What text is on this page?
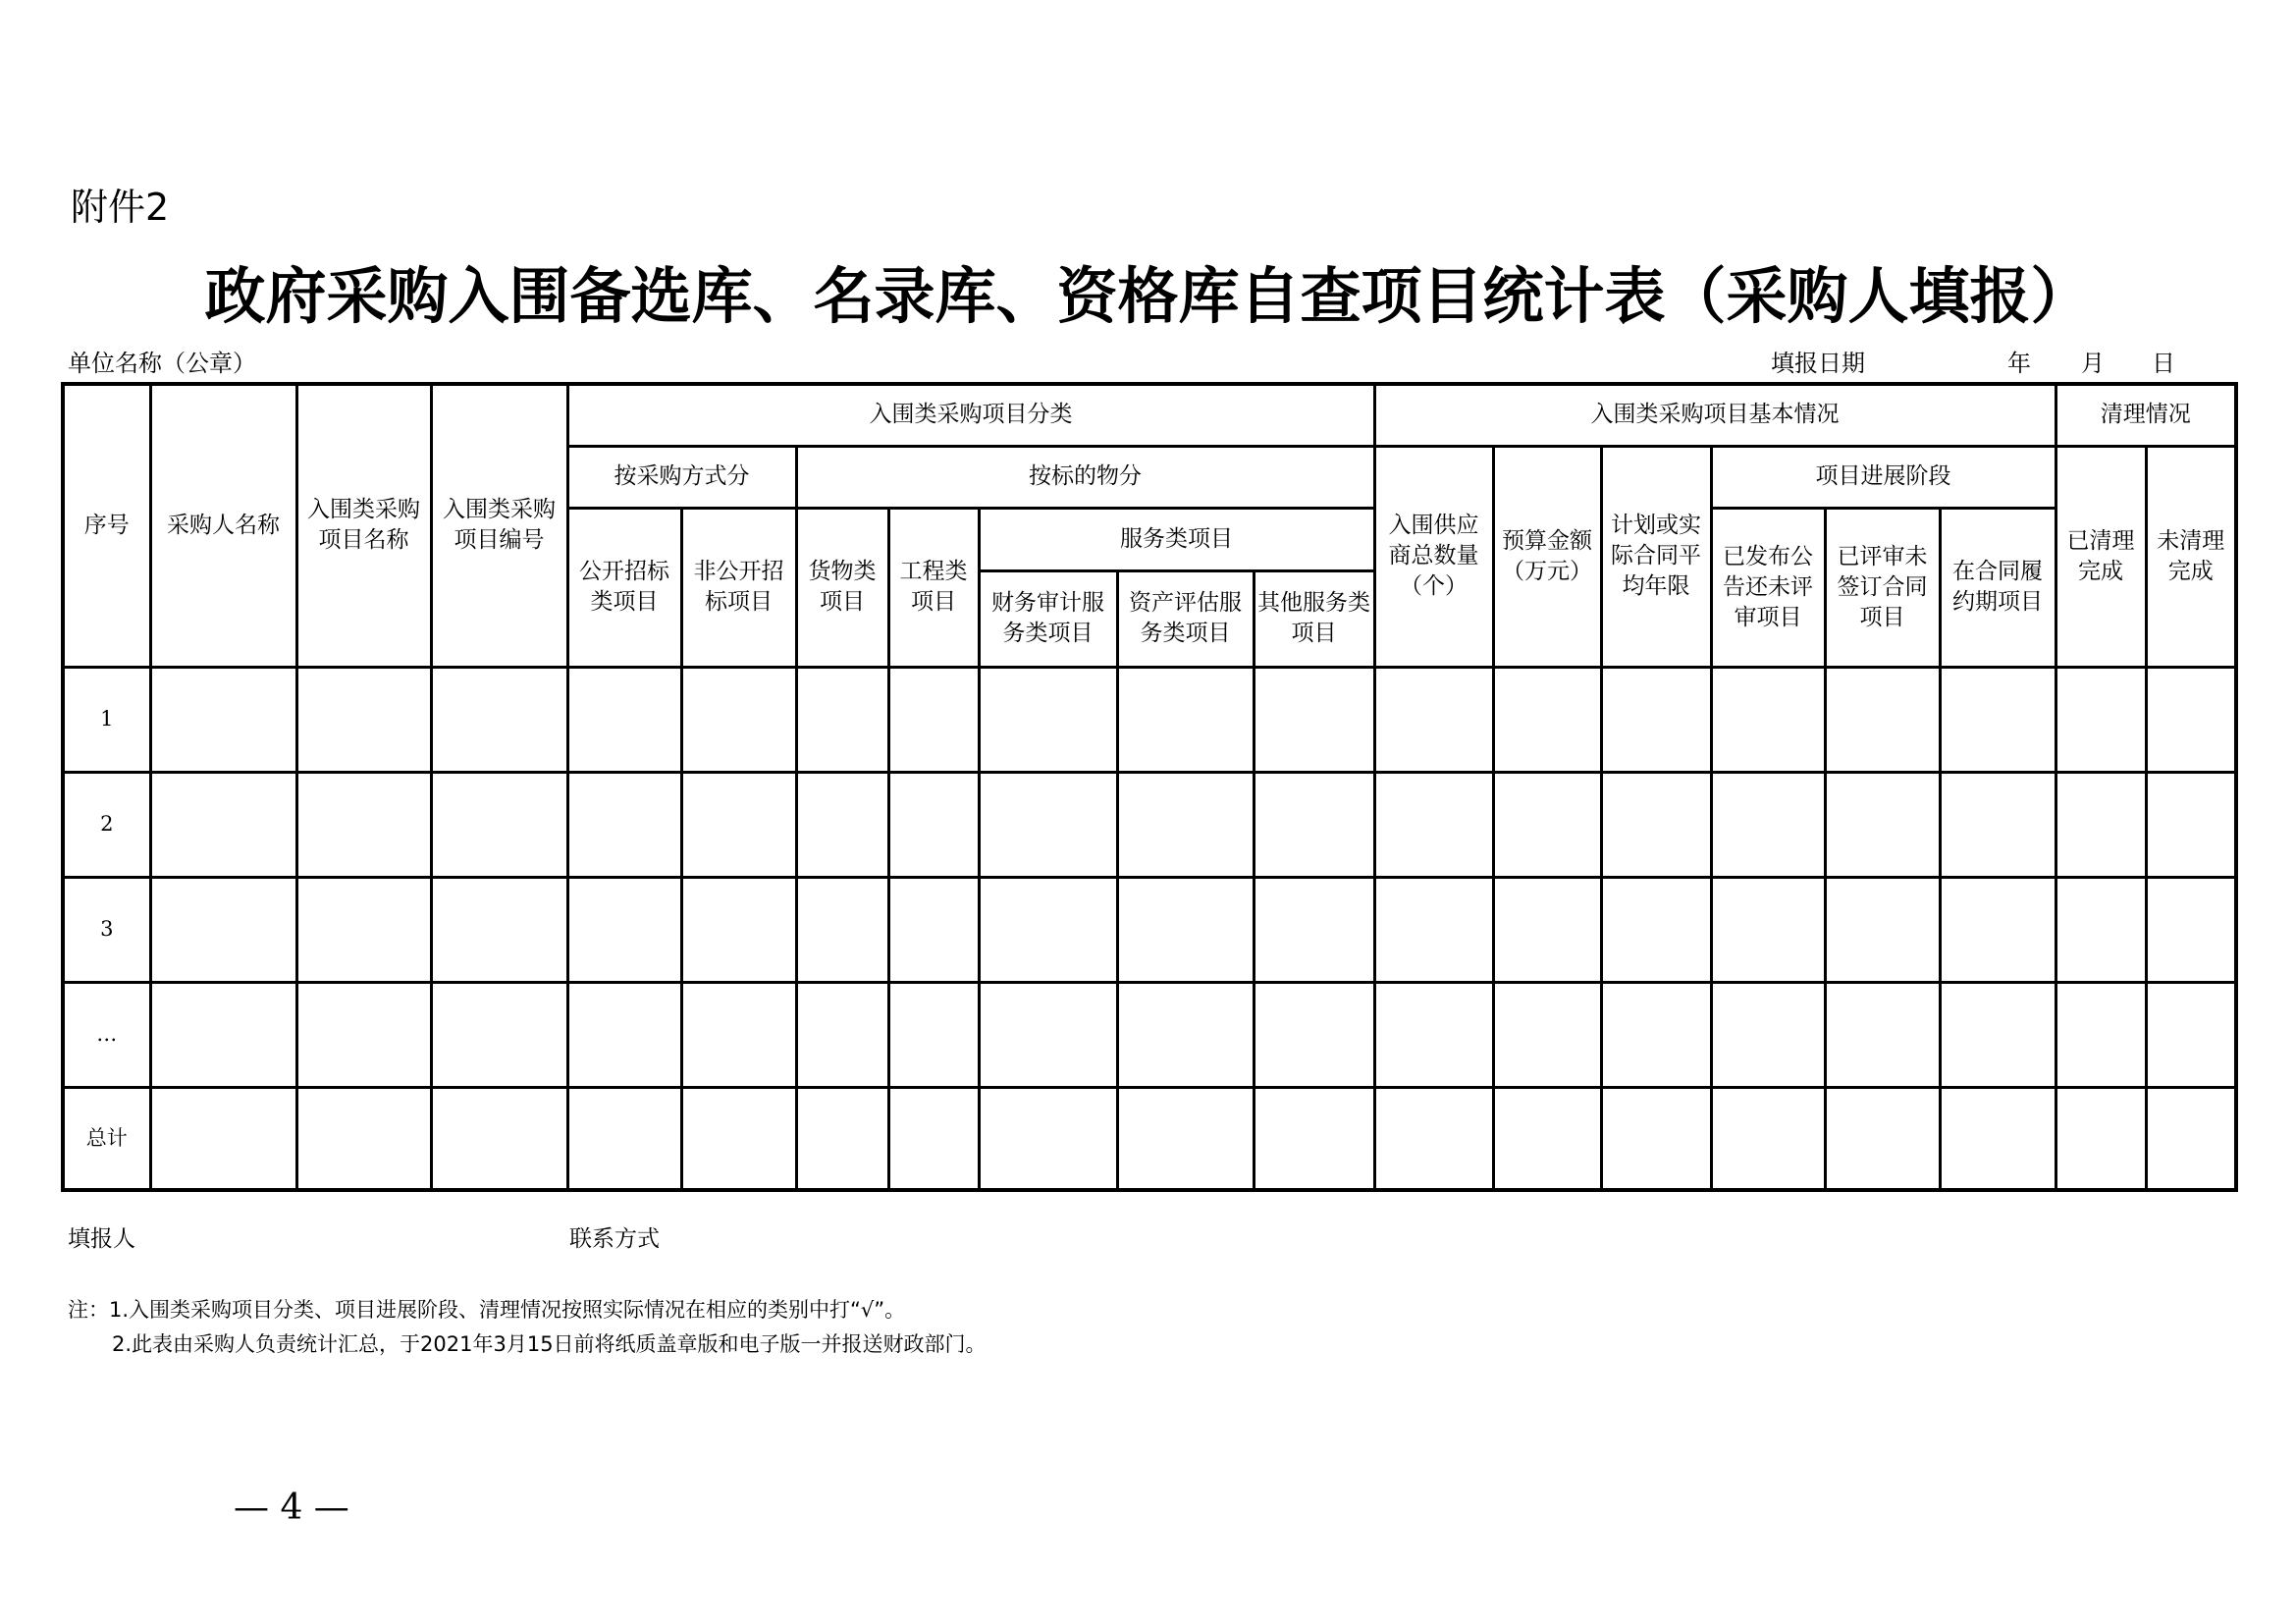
附件2
政府采购入围备选库、名录库、资格库自查项目统计表（采购人填报）
单位名称（公章）	填报日期	年 月 日
序号	采购人名称	入围类采购项目名称	入围类采购项目编号	入围类采购项目分类							入围类采购项目基本情况						清理情况	
				按采购方式分		按标的物分					入围供应商总数量（个）	预算金额（万元）	计划或实际合同平均年限	项目进展阶段			已清理完成	未清理完成
				公开招标类项目	非公开招标项目	货物类项目	工程类项目	服务类项目						已发布公告还未评审项目	已评审未签订合同项目	在合同履约期项目		
								财务审计服务类项目	资产评估服务类项目	其他服务类项目								
1																		
2																		
3																		
…																		
总计																		
填报人	联系方式
注：1.入围类采购项目分类、项目进展阶段、清理情况按照实际情况在相应的类别中打“√”。
2.此表由采购人负责统计汇总，于2021年3月15日前将纸质盖章版和电子版一并报送财政部门。
— 4 —
